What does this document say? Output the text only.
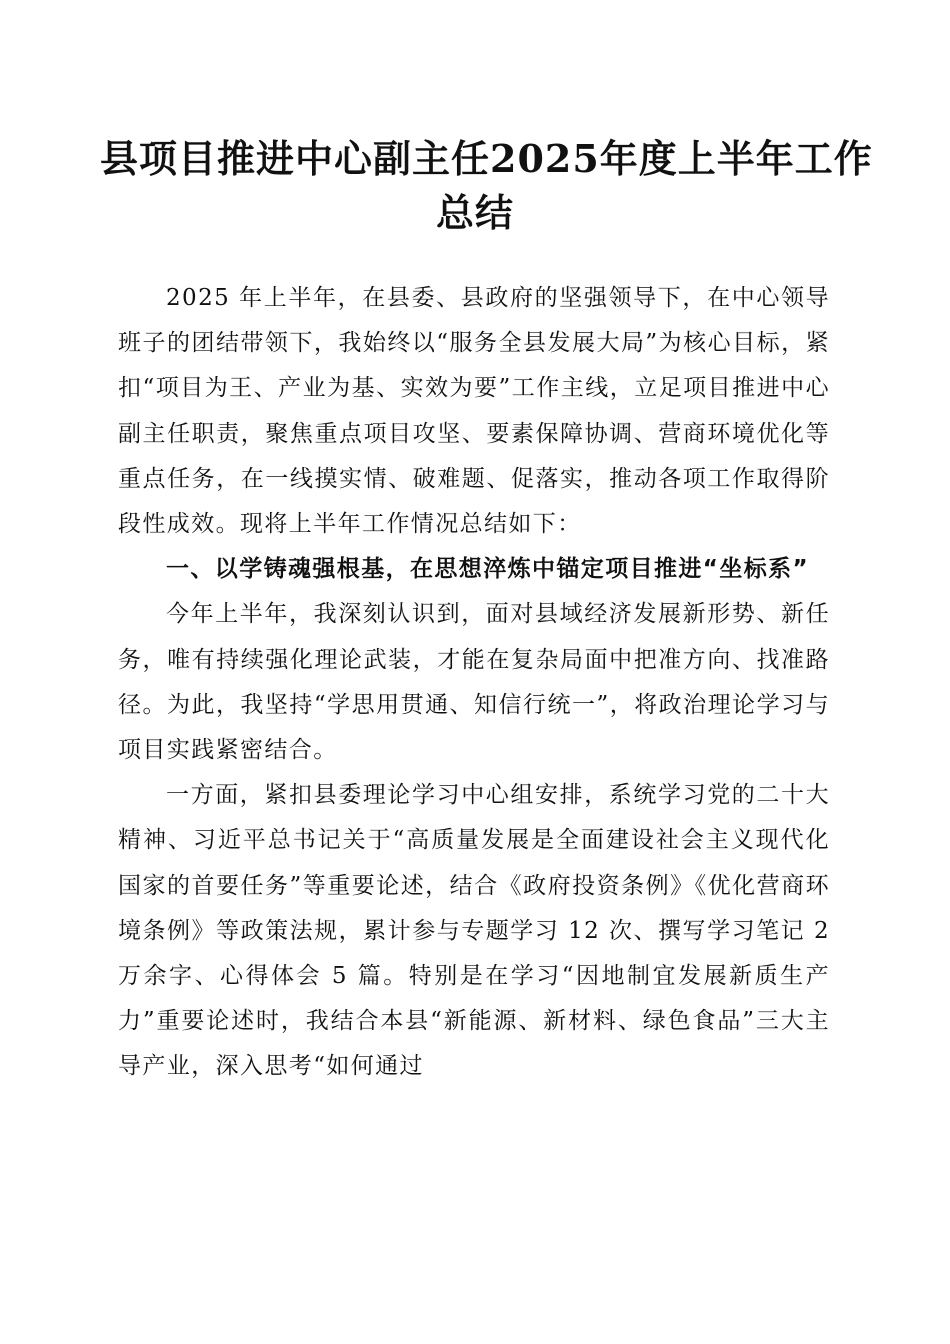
县项目推进中心副主任2025年度上半年工作
总结

2025 年上半年，在县委、县政府的坚强领导下，在中心领导班子的团结带领下，我始终以“服务全县发展大局”为核心目标，紧扣“项目为王、产业为基、实效为要”工作主线，立足项目推进中心副主任职责，聚焦重点项目攻坚、要素保障协调、营商环境优化等重点任务，在一线摸实情、破难题、促落实，推动各项工作取得阶段性成效。现将上半年工作情况总结如下：

一、以学铸魂强根基，在思想淬炼中锚定项目推进“坐标系”

今年上半年，我深刻认识到，面对县域经济发展新形势、新任务，唯有持续强化理论武装，才能在复杂局面中把准方向、找准路径。为此，我坚持“学思用贯通、知信行统一”，将政治理论学习与项目实践紧密结合。

一方面，紧扣县委理论学习中心组安排，系统学习党的二十大精神、习近平总书记关于“高质量发展是全面建设社会主义现代化国家的首要任务”等重要论述，结合《政府投资条例》《优化营商环境条例》等政策法规，累计参与专题学习 12 次、撰写学习笔记 2 万余字、心得体会 5 篇。特别是在学习“因地制宜发展新质生产力”重要论述时，我结合本县“新能源、新材料、绿色食品”三大主导产业，深入思考“如何通过
